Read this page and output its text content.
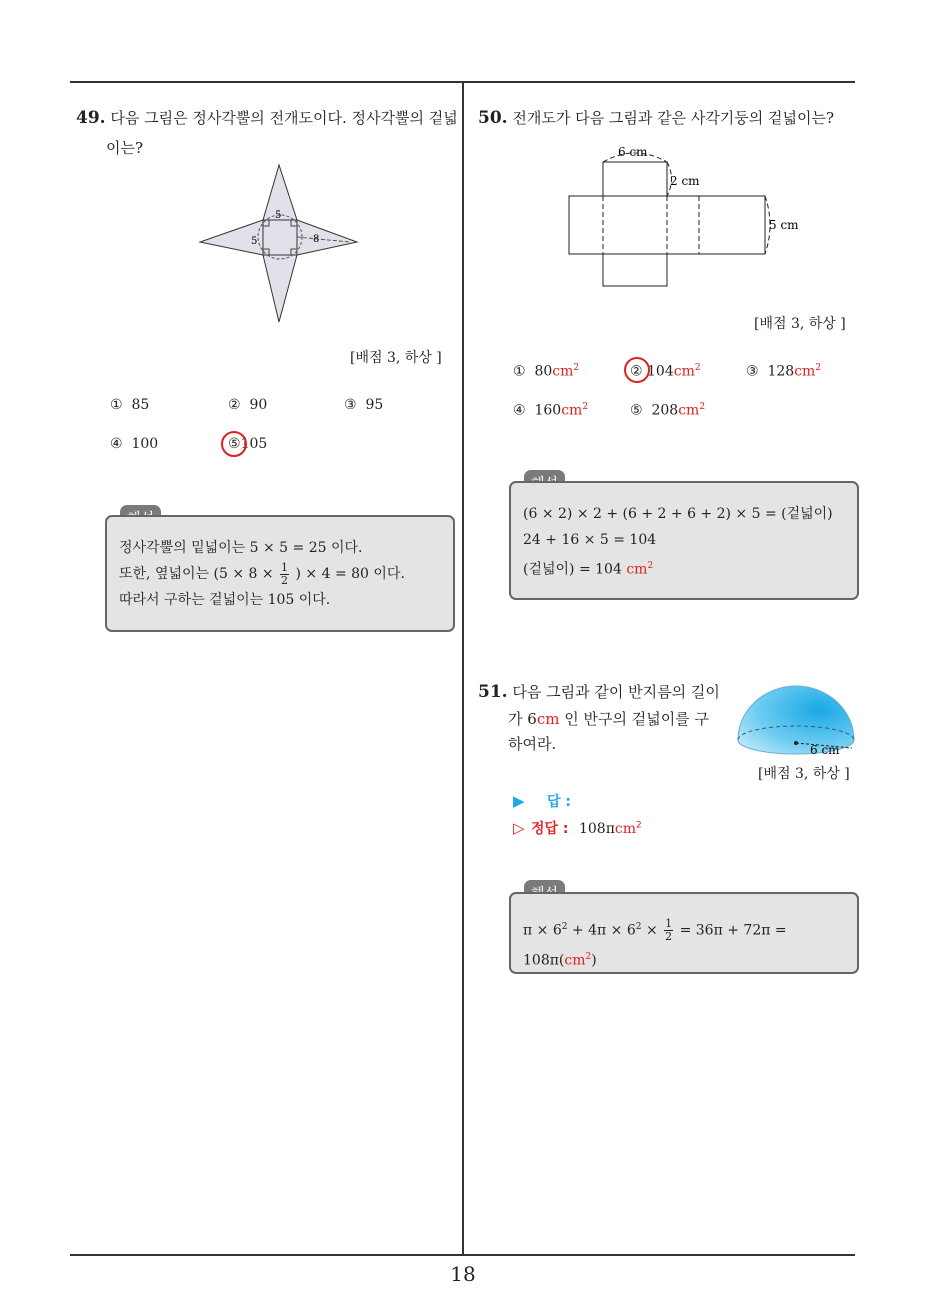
49. 다음 그림은 정사각뿔의 전개도이다. 정사각뿔의 겉넓
이는?
5
5	8
[배점 3, 하상 ]
① 85	② 90	③ 95
④ 100	⑤105
정사각뿔의 밑넓이는 5 × 5 = 25 이다.
또한, 옆넓이는 ($5 \times 8 \times \frac{1}{2}$ ) × 4 = 80 이다.
따라서 구하는 겉넓이는 105 이다.
50. 전개도가 다음 그림과 같은 사각기둥의 겉넓이는?
6 cm
2 cm
5 cm
[배점 3, 하상 ]
① $80cm^2$	② $104cm^2$	③ $128cm^2$
④ $160cm^2$	⑤ $208cm^2$
(6 × 2) × 2 + (6 + 2 + 6 + 2) × 5 = (겉넓이)
24 + 16 × 5 = 104
(겉넓이) = 104 $cm^2$
51. 다음 그림과 같이 반지름의 길이
가 6cm 인 반구의 겉넓이를 구
하여라.	6 cm
[배점 3, 하상 ]
▶ 답 :
▷ 정답 : 108πcm$^2$
$\pi \times 6^2 + 4\pi \times 6^2 \times \frac{1}{2} = 36\pi + 72\pi = 108\pi(cm^2)$
18
